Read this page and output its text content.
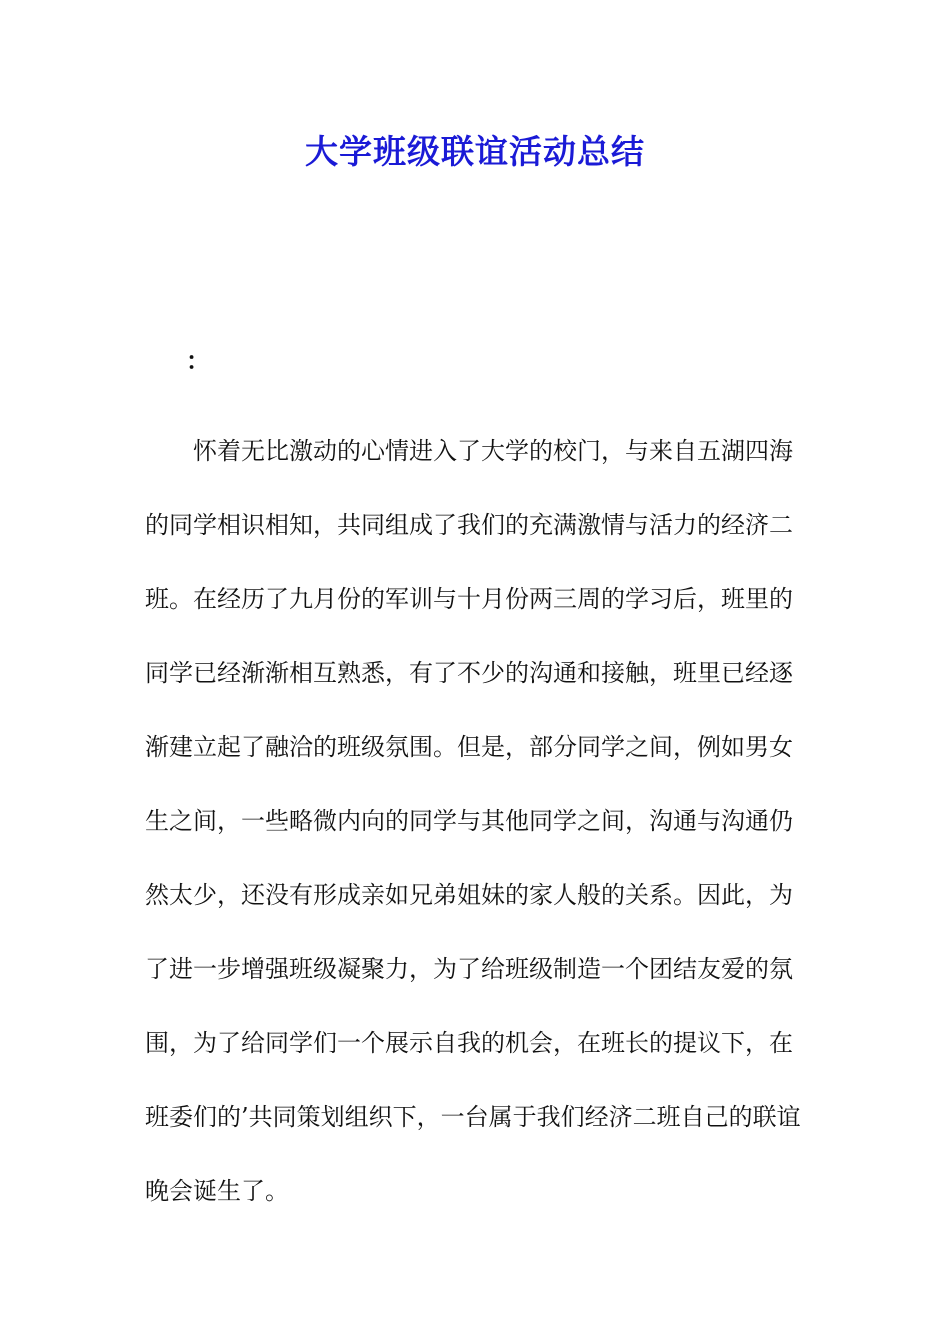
大学班级联谊活动总结
：
怀着无比激动的心情进入了大学的校门，与来自五湖四海
的同学相识相知，共同组成了我们的充满激情与活力的经济二
班。在经历了九月份的军训与十月份两三周的学习后，班里的
同学已经渐渐相互熟悉，有了不少的沟通和接触，班里已经逐
渐建立起了融洽的班级氛围。但是，部分同学之间，例如男女
生之间，一些略微内向的同学与其他同学之间，沟通与沟通仍
然太少，还没有形成亲如兄弟姐妹的家人般的关系。因此，为
了进一步增强班级凝聚力，为了给班级制造一个团结友爱的氛
围，为了给同学们一个展示自我的机会，在班长的提议下，在
班委们的’共同策划组织下，一台属于我们经济二班自己的联谊
晚会诞生了。
